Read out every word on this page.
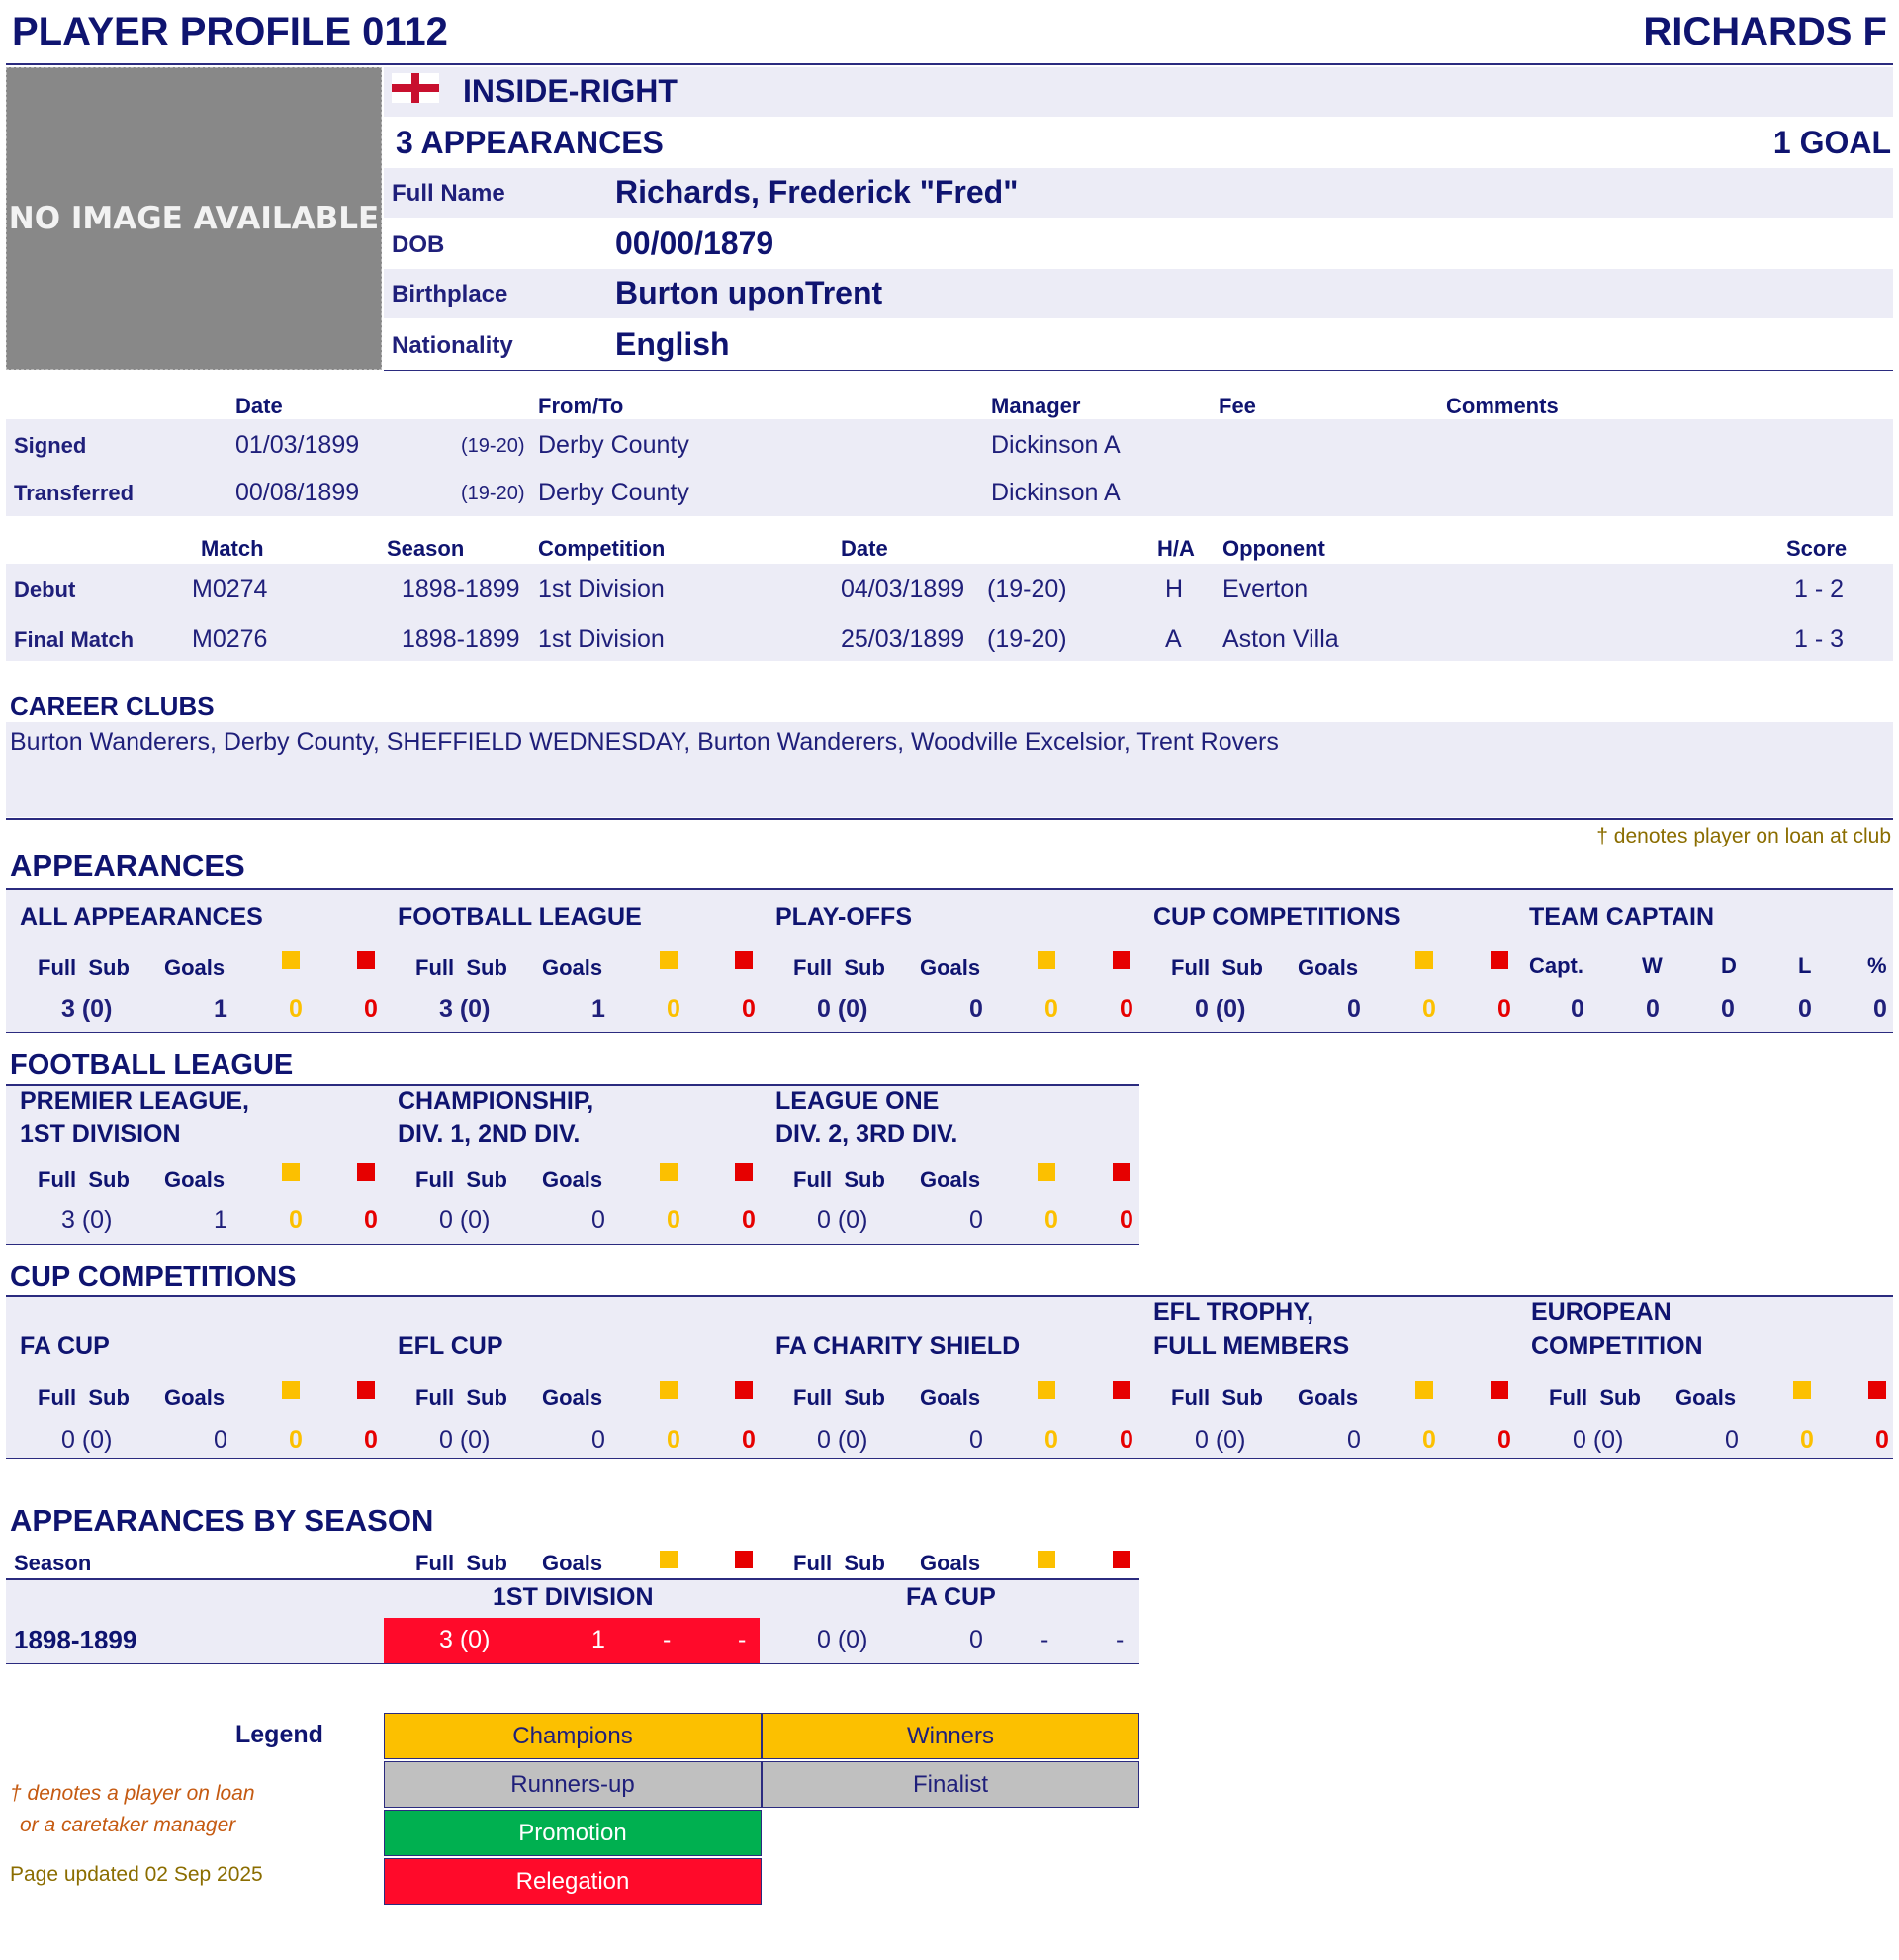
PLAYER PROFILE 0112	RICHARDS F
NO IMAGE AVAILABLE
INSIDE-RIGHT
3 APPEARANCES	1 GOAL
Full Name	Richards, Frederick "Fred"
DOB	00/00/1879
Birthplace	Burton uponTrent
Nationality	English
Date	From/To	Manager	Fee	Comments
Signed	01/03/1899	(19-20) Derby County	Dickinson A
Transferred	00/08/1899	(19-20) Derby County	Dickinson A
Match	Season	Competition	Date	H/A Opponent	Score
Debut	M0274	1898-1899 1st Division	04/03/1899 (19-20)	H Everton	1 - 2
Final Match M0276	1898-1899 1st Division	25/03/1899 (19-20)	A Aston Villa	1 - 3
CAREER CLUBS
Burton Wanderers, Derby County, SHEFFIELD WEDNESDAY, Burton Wanderers, Woodville Excelsior, Trent Rovers
† denotes player on loan at club
APPEARANCES
ALL APPEARANCES
Full  Sub Goals
3 (0)	1 0 0
FOOTBALL LEAGUE
Full  Sub Goals
3 (0)	1 0 0
PLAY-OFFS
Full  Sub Goals
0 (0)	0 0 0
CUP COMPETITIONS
Full  Sub Goals
0 (0)	0 0 0
TEAM CAPTAIN
Capt.	W	D	L	%
0 0 0	0 0
FOOTBALL LEAGUE
PREMIER LEAGUE,
1ST DIVISION
Full  Sub Goals
3 (0)	1 0 0
CHAMPIONSHIP,
DIV. 1, 2ND DIV.
Full  Sub Goals
0 (0)	0 0 0
LEAGUE ONE
DIV. 2, 3RD DIV.
Full  Sub Goals
0 (0)	0 0 0
CUP COMPETITIONS
FA CUP
Full  Sub Goals
0 (0)	0 0 0
EFL CUP
Full  Sub Goals
0 (0)	0 0 0
FA CHARITY SHIELD
Full  Sub Goals
0 (0)	0 0 0
EFL TROPHY,
FULL MEMBERS
Full  Sub Goals
0 (0)	0 0 0
EUROPEAN
COMPETITION
Full  Sub Goals
0 (0)	0 0 0
APPEARANCES BY SEASON
Season	Full  Sub Goals	Full  Sub Goals
1ST DIVISION	FA CUP
1898-1899	3 (0)	1 -	-	0 (0)	0 -	-
Legend	Champions	Winners
Runners-up	Finalist
Promotion
Relegation
† denotes a player on loan
or a caretaker manager
Page updated 02 Sep 2025
